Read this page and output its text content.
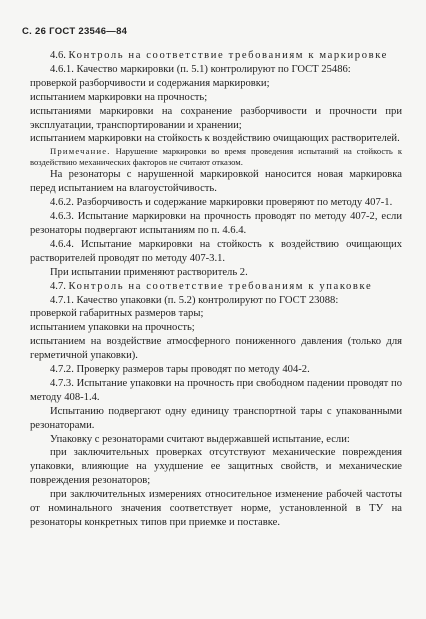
С. 26 ГОСТ 23546—84

4.6. Контроль на соответствие требованиям к маркировке

4.6.1. Качество маркировки (п. 5.1) контролируют по ГОСТ 25486:

проверкой разборчивости и содержания маркировки;

испытанием маркировки на прочность;

испытаниями маркировки на сохранение разборчивости и прочности при эксплуатации, транспортировании и хранении;

испытанием маркировки на стойкость к воздействию очищающих растворителей.

Примечание. Нарушение маркировки во время проведения испытаний на стойкость к воздействию механических факторов не считают отказом.

На резонаторы с нарушенной маркировкой наносится новая маркировка перед испытанием на влагоустойчивость.

4.6.2. Разборчивость и содержание маркировки проверяют по методу 407-1.

4.6.3. Испытание маркировки на прочность проводят по методу 407-2, если резонаторы подвергают испытаниям по п. 4.6.4.

4.6.4. Испытание маркировки на стойкость к воздействию очищающих растворителей проводят по методу 407-3.1.

При испытании применяют растворитель 2.

4.7. Контроль на соответствие требованиям к упаковке

4.7.1. Качество упаковки (п. 5.2) контролируют по ГОСТ 23088:

проверкой габаритных размеров тары;

испытанием упаковки на прочность;

испытанием на воздействие атмосферного пониженного давления (только для герметичной упаковки).

4.7.2. Проверку размеров тары проводят по методу 404-2.

4.7.3. Испытание упаковки на прочность при свободном падении проводят по методу 408-1.4.

Испытанию подвергают одну единицу транспортной тары с упакованными резонаторами.

Упаковку с резонаторами считают выдержавшей испытание, если:

при заключительных проверках отсутствуют механические повреждения упаковки, влияющие на ухудшение ее защитных свойств, и механические повреждения резонаторов;

при заключительных измерениях относительное изменение рабочей частоты от номинального значения соответствует норме, установленной в ТУ на резонаторы конкретных типов при приемке и поставке.
